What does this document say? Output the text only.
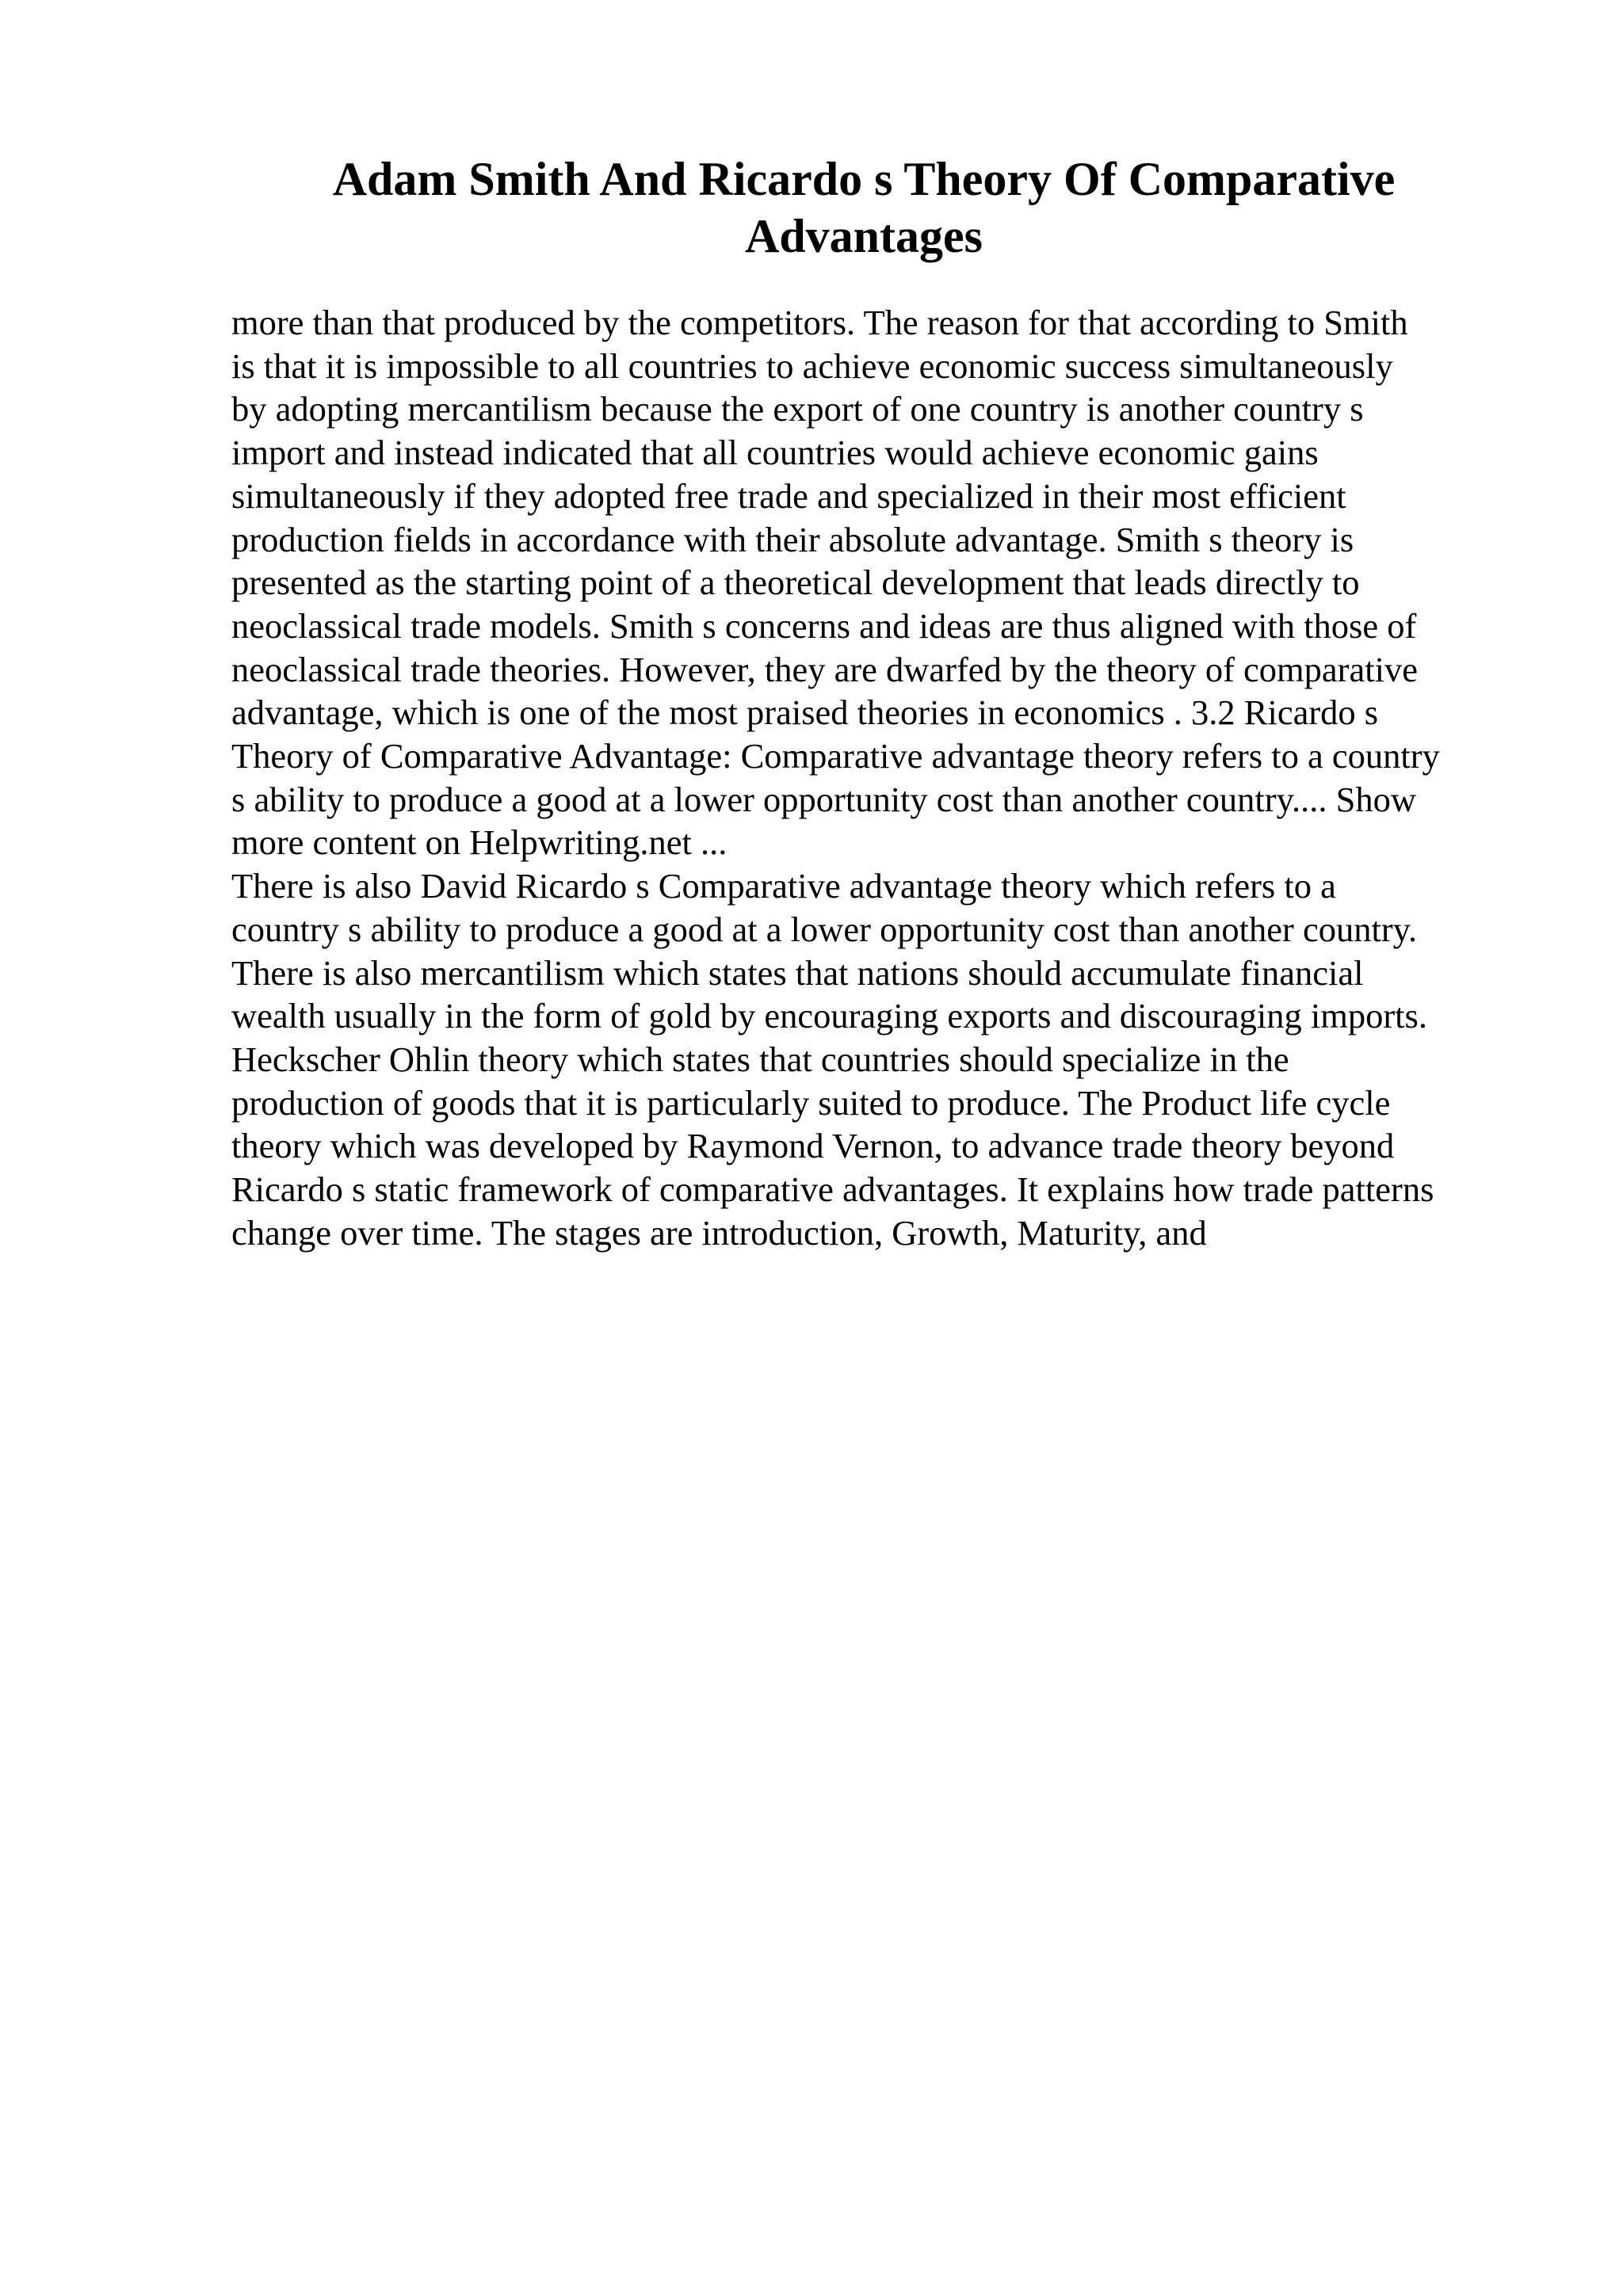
Adam Smith And Ricardo s Theory Of Comparative
Advantages
more than that produced by the competitors. The reason for that according to Smith
is that it is impossible to all countries to achieve economic success simultaneously
by adopting mercantilism because the export of one country is another country s
import and instead indicated that all countries would achieve economic gains
simultaneously if they adopted free trade and specialized in their most efficient
production fields in accordance with their absolute advantage. Smith s theory is
presented as the starting point of a theoretical development that leads directly to
neoclassical trade models. Smith s concerns and ideas are thus aligned with those of
neoclassical trade theories. However, they are dwarfed by the theory of comparative
advantage, which is one of the most praised theories in economics . 3.2 Ricardo s
Theory of Comparative Advantage: Comparative advantage theory refers to a country
s ability to produce a good at a lower opportunity cost than another country.... Show
more content on Helpwriting.net ...
There is also David Ricardo s Comparative advantage theory which refers to a
country s ability to produce a good at a lower opportunity cost than another country.
There is also mercantilism which states that nations should accumulate financial
wealth usually in the form of gold by encouraging exports and discouraging imports.
Heckscher Ohlin theory which states that countries should specialize in the
production of goods that it is particularly suited to produce. The Product life cycle
theory which was developed by Raymond Vernon, to advance trade theory beyond
Ricardo s static framework of comparative advantages. It explains how trade patterns
change over time. The stages are introduction, Growth, Maturity, and
